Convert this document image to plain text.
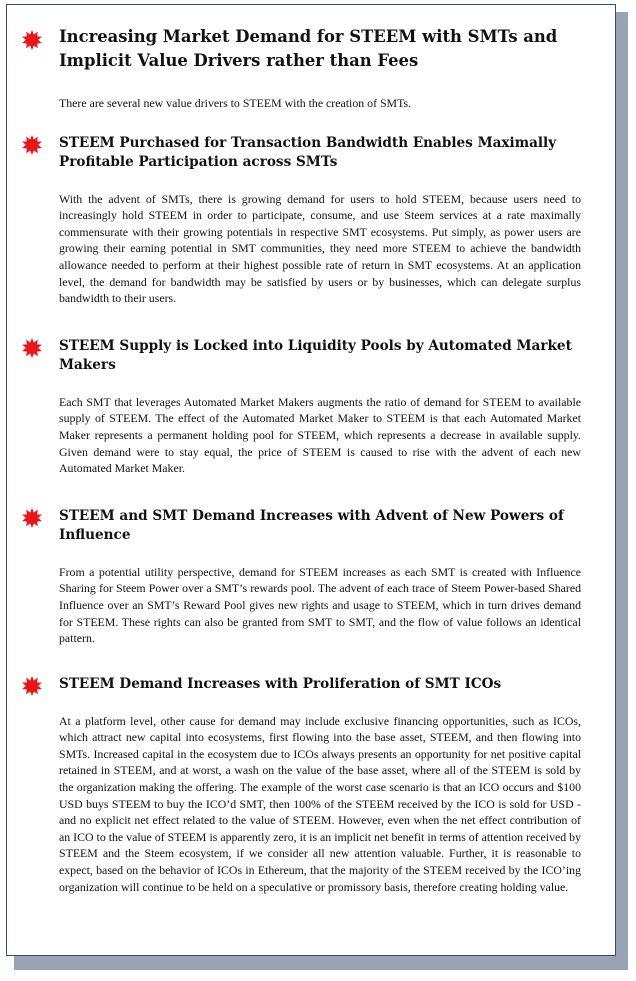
Increasing Market Demand for STEEM with SMTs and Implicit Value Drivers rather than Fees

There are several new value drivers to STEEM with the creation of SMTs.

STEEM Purchased for Transaction Bandwidth Enables Maximally Profitable Participation across SMTs

With the advent of SMTs, there is growing demand for users to hold STEEM, because users need to increasingly hold STEEM in order to participate, consume, and use Steem services at a rate maximally commensurate with their growing potentials in respective SMT ecosystems. Put simply, as power users are growing their earning potential in SMT communities, they need more STEEM to achieve the bandwidth allowance needed to perform at their highest possible rate of return in SMT ecosystems. At an application level, the demand for bandwidth may be satisfied by users or by businesses, which can delegate surplus bandwidth to their users.

STEEM Supply is Locked into Liquidity Pools by Automated Market Makers

Each SMT that leverages Automated Market Makers augments the ratio of demand for STEEM to available supply of STEEM. The effect of the Automated Market Maker to STEEM is that each Automated Market Maker represents a permanent holding pool for STEEM, which represents a decrease in available supply. Given demand were to stay equal, the price of STEEM is caused to rise with the advent of each new Automated Market Maker.

STEEM and SMT Demand Increases with Advent of New Powers of Influence

From a potential utility perspective, demand for STEEM increases as each SMT is created with Influence Sharing for Steem Power over a SMT’s rewards pool. The advent of each trace of Steem Power-based Shared Influence over an SMT’s Reward Pool gives new rights and usage to STEEM, which in turn drives demand for STEEM. These rights can also be granted from SMT to SMT, and the flow of value follows an identical pattern.

STEEM Demand Increases with Proliferation of SMT ICOs

At a platform level, other cause for demand may include exclusive financing opportunities, such as ICOs, which attract new capital into ecosystems, first flowing into the base asset, STEEM, and then flowing into SMTs. Increased capital in the ecosystem due to ICOs always presents an opportunity for net positive capital retained in STEEM, and at worst, a wash on the value of the base asset, where all of the STEEM is sold by the organization making the offering. The example of the worst case scenario is that an ICO occurs and $100 USD buys STEEM to buy the ICO’d SMT, then 100% of the STEEM received by the ICO is sold for USD - and no explicit net effect related to the value of STEEM. However, even when the net effect contribution of an ICO to the value of STEEM is apparently zero, it is an implicit net benefit in terms of attention received by STEEM and the Steem ecosystem, if we consider all new attention valuable. Further, it is reasonable to expect, based on the behavior of ICOs in Ethereum, that the majority of the STEEM received by the ICO’ing organization will continue to be held on a speculative or promissory basis, therefore creating holding value.
